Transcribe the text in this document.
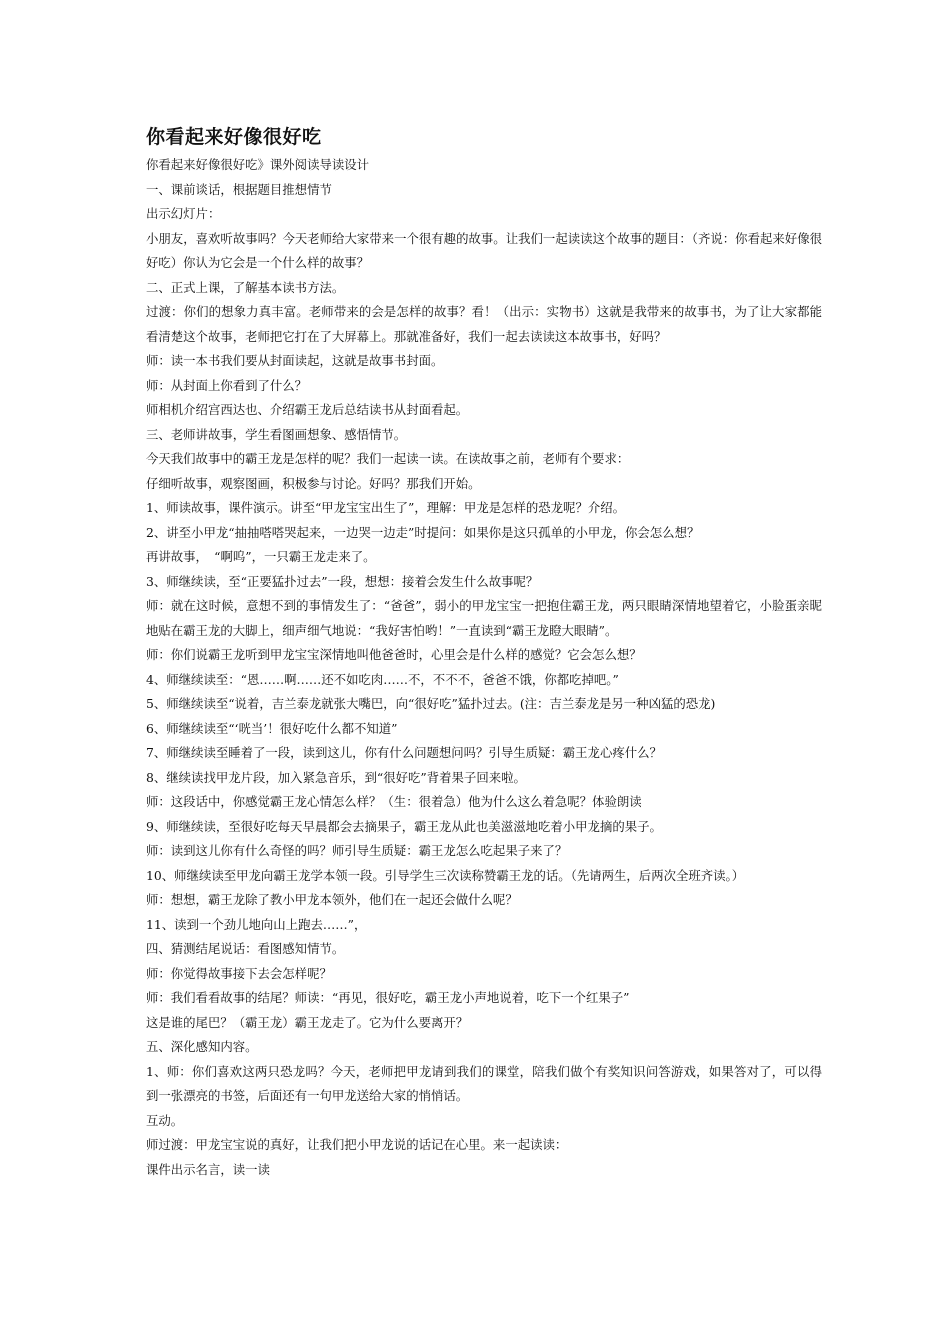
你看起来好像很好吃

你看起来好像很好吃》课外阅读导读设计

一、课前谈话，根据题目推想情节

出示幻灯片：

小朋友，喜欢听故事吗？今天老师给大家带来一个很有趣的故事。让我们一起读读这个故事的题目：（齐说：你看起来好像很好吃）你认为它会是一个什么样的故事？

二、正式上课，了解基本读书方法。

过渡：你们的想象力真丰富。老师带来的会是怎样的故事？看！（出示：实物书）这就是我带来的故事书，为了让大家都能看清楚这个故事，老师把它打在了大屏幕上。那就准备好，我们一起去读读这本故事书，好吗？

师：读一本书我们要从封面读起，这就是故事书封面。

师：从封面上你看到了什么？

师相机介绍宫西达也、介绍霸王龙后总结读书从封面看起。

三、老师讲故事，学生看图画想象、感悟情节。

今天我们故事中的霸王龙是怎样的呢？我们一起读一读。在读故事之前，老师有个要求：

仔细听故事，观察图画，积极参与讨论。好吗？那我们开始。

1、师读故事，课件演示。讲至“甲龙宝宝出生了”，理解：甲龙是怎样的恐龙呢？介绍。

2、讲至小甲龙“抽抽嗒嗒哭起来，一边哭一边走”时提问：如果你是这只孤单的小甲龙，你会怎么想？

再讲故事，　“啊呜”，一只霸王龙走来了。

3、师继续读，至“正要猛扑过去”一段，想想：接着会发生什么故事呢？

师：就在这时候，意想不到的事情发生了：“爸爸”，弱小的甲龙宝宝一把抱住霸王龙，两只眼睛深情地望着它，小脸蛋亲昵地贴在霸王龙的大脚上，细声细气地说：“我好害怕哟！”一直读到“霸王龙瞪大眼睛”。

师：你们说霸王龙听到甲龙宝宝深情地叫他爸爸时，心里会是什么样的感觉？它会怎么想？

4、师继续读至：“恩……啊……还不如吃肉……不，不不不，爸爸不饿，你都吃掉吧。”

5、师继续读至“说着，吉兰泰龙就张大嘴巴，向“很好吃”猛扑过去。(注：吉兰泰龙是另一种凶猛的恐龙)

6、师继续读至“‘咣当’！很好吃什么都不知道”

7、师继续读至睡着了一段，读到这儿，你有什么问题想问吗？引导生质疑：霸王龙心疼什么？

8、继续读找甲龙片段，加入紧急音乐，到“很好吃”背着果子回来啦。

师：这段话中，你感觉霸王龙心情怎么样？（生：很着急）他为什么这么着急呢？体验朗读

9、师继续读，至很好吃每天早晨都会去摘果子，霸王龙从此也美滋滋地吃着小甲龙摘的果子。

师：读到这儿你有什么奇怪的吗？师引导生质疑：霸王龙怎么吃起果子来了？

10、师继续读至甲龙向霸王龙学本领一段。引导学生三次读称赞霸王龙的话。（先请两生，后两次全班齐读。）

师：想想，霸王龙除了教小甲龙本领外，他们在一起还会做什么呢？

11、读到一个劲儿地向山上跑去……”，

四、猜测结尾说话：看图感知情节。

师：你觉得故事接下去会怎样呢？

师：我们看看故事的结尾？师读：“再见，很好吃，霸王龙小声地说着，吃下一个红果子”

这是谁的尾巴？（霸王龙）霸王龙走了。它为什么要离开？

五、深化感知内容。

1、师：你们喜欢这两只恐龙吗？今天，老师把甲龙请到我们的课堂，陪我们做个有奖知识问答游戏，如果答对了，可以得到一张漂亮的书签，后面还有一句甲龙送给大家的悄悄话。

互动。

师过渡：甲龙宝宝说的真好，让我们把小甲龙说的话记在心里。来一起读读：

课件出示名言，读一读
